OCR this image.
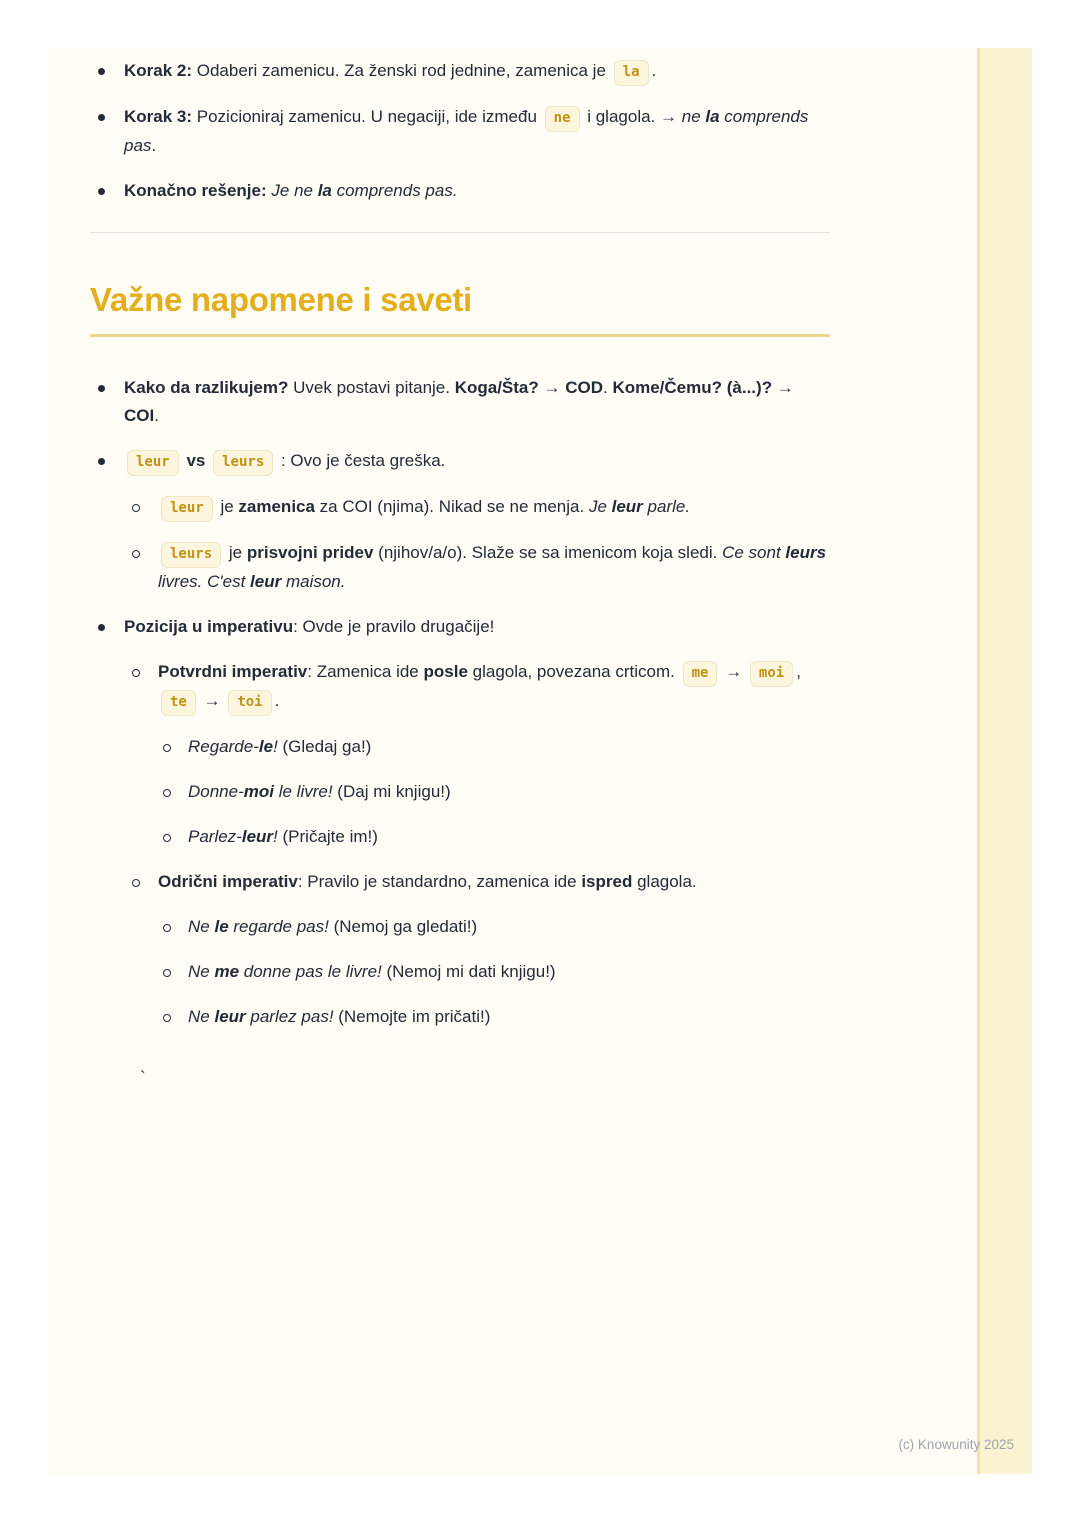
Korak 2: Odaberi zamenicu. Za ženski rod jednine, zamenica je la .
Korak 3: Pozicioniraj zamenicu. U negaciji, ide između ne i glagola. → ne la comprends pas.
Konačno rešenje: Je ne la comprends pas.
Važne napomene i saveti
Kako da razlikujem? Uvek postavi pitanje. Koga/Šta? → COD. Kome/Čemu? (à...)? → COI.
leur vs leurs : Ovo je česta greška.
leur je zamenica za COI (njima). Nikad se ne menja. Je leur parle.
leurs je prisvojni pridev (njihov/a/o). Slaže se sa imenicom koja sledi. Ce sont leurs livres. C'est leur maison.
Pozicija u imperativu: Ovde je pravilo drugačije!
Potvrdni imperativ: Zamenica ide posle glagola, povezana crticom. me → moi , te → toi .
Regarde-le! (Gledaj ga!)
Donne-moi le livre! (Daj mi knjigu!)
Parlez-leur! (Pričajte im!)
Odrični imperativ: Pravilo je standardno, zamenica ide ispred glagola.
Ne le regarde pas! (Nemoj ga gledati!)
Ne me donne pas le livre! (Nemoj mi dati knjigu!)
Ne leur parlez pas! (Nemojte im pričati!)
`
(c) Knowunity 2025
